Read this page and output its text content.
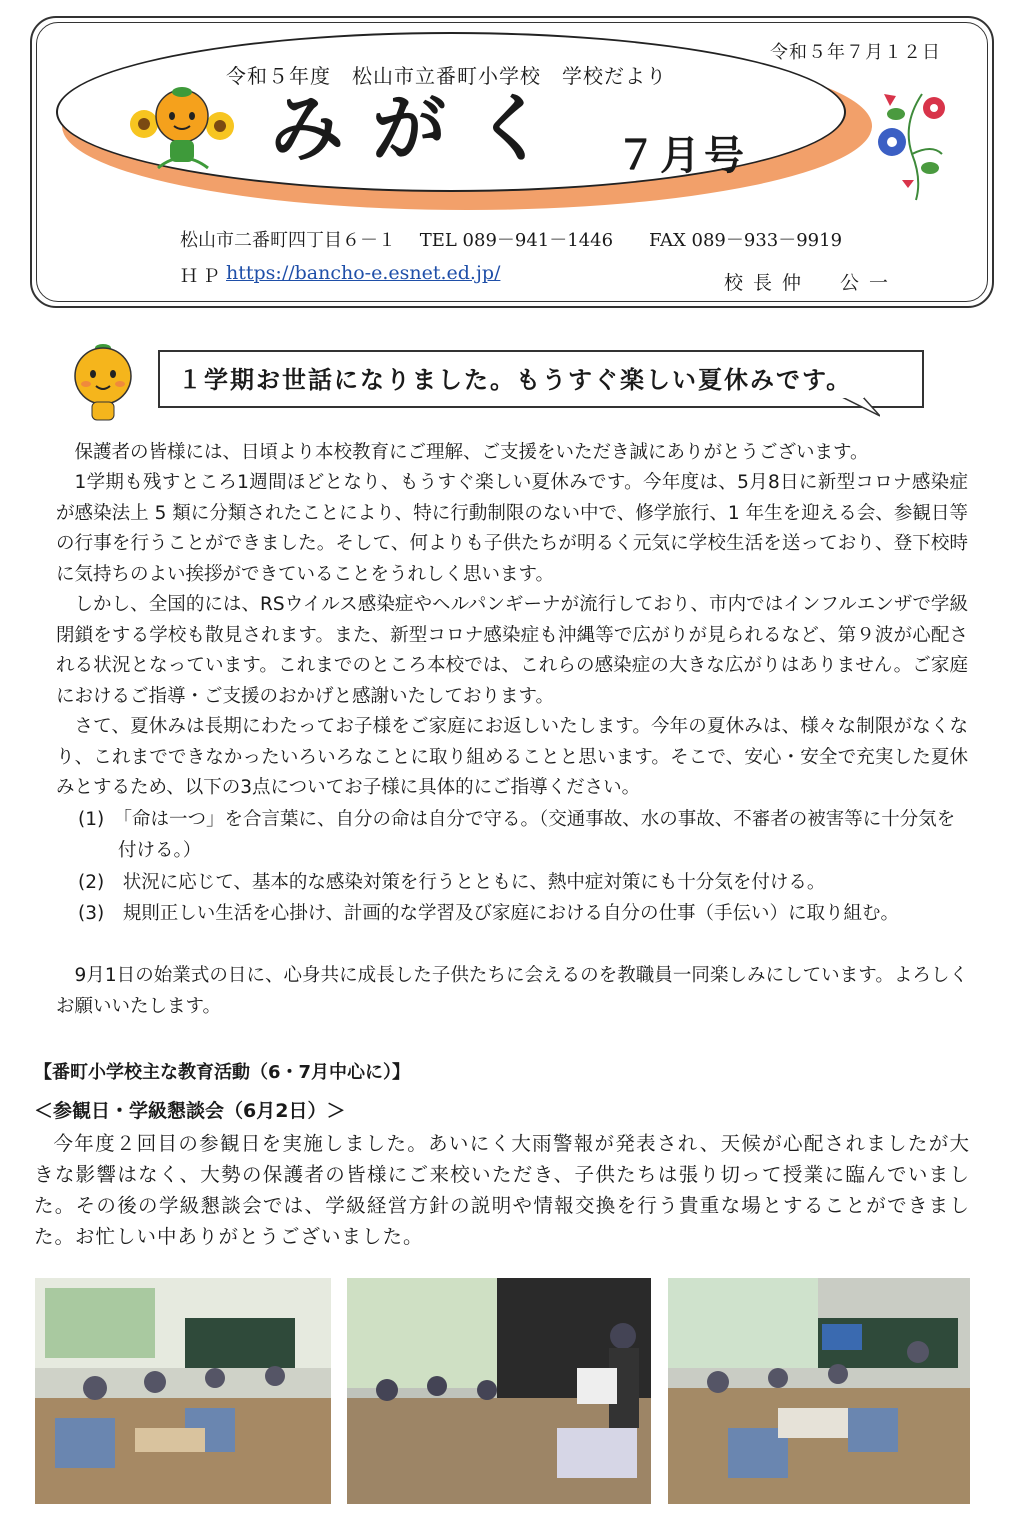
令和５年７月１２日
令和５年度　松山市立番町小学校　学校だより
みがく ７月号
松山市二番町四丁目６－１　 TEL 089－941－1446　　FAX 089－933－9919
ＨＰ https://bancho-e.esnet.ed.jp/	校長仲　公一
１学期お世話になりました。もうすぐ楽しい夏休みです。
保護者の皆様には、日頃より本校教育にご理解、ご支援をいただき誠にありがとうございます。
1学期も残すところ1週間ほどとなり、もうすぐ楽しい夏休みです。今年度は、5月8日に新型コロナ感染症が感染法上 5 類に分類されたことにより、特に行動制限のない中で、修学旅行、1 年生を迎える会、参観日等の行事を行うことができました。そして、何よりも子供たちが明るく元気に学校生活を送っており、登下校時に気持ちのよい挨拶ができていることをうれしく思います。
しかし、全国的には、RSウイルス感染症やヘルパンギーナが流行しており、市内ではインフルエンザで学級閉鎖をする学校も散見されます。また、新型コロナ感染症も沖縄等で広がりが見られるなど、第９波が心配される状況となっています。これまでのところ本校では、これらの感染症の大きな広がりはありません。ご家庭におけるご指導・ご支援のおかげと感謝いたしております。
さて、夏休みは長期にわたってお子様をご家庭にお返しいたします。今年の夏休みは、様々な制限がなくなり、これまでできなかったいろいろなことに取り組めることと思います。そこで、安心・安全で充実した夏休みとするため、以下の3点についてお子様に具体的にご指導ください。
(1)　「命は一つ」を合言葉に、自分の命は自分で守る。（交通事故、水の事故、不審者の被害等に十分気を付ける。）
(2)　状況に応じて、基本的な感染対策を行うとともに、熱中症対策にも十分気を付ける。
(3)　規則正しい生活を心掛け、計画的な学習及び家庭における自分の仕事（手伝い）に取り組む。
9月1日の始業式の日に、心身共に成長した子供たちに会えるのを教職員一同楽しみにしています。よろしくお願いいたします。
【番町小学校主な教育活動（6・7月中心に）】
＜参観日・学級懇談会（6月2日）＞
今年度２回目の参観日を実施しました。あいにく大雨警報が発表され、天候が心配されましたが大きな影響はなく、大勢の保護者の皆様にご来校いただき、子供たちは張り切って授業に臨んでいました。その後の学級懇談会では、学級経営方針の説明や情報交換を行う貴重な場とすることができました。お忙しい中ありがとうございました。
